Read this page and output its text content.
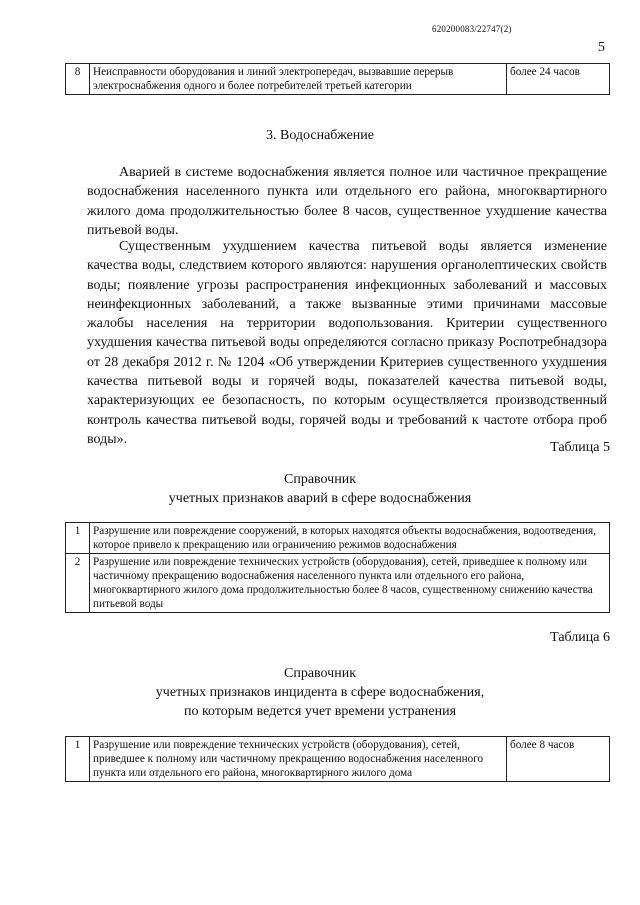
620200083/22747(2)
5
8	Неисправности оборудования и линий электропередач, вызвавшие перерыв электроснабжения одного и более потребителей третьей категории	более 24 часов
3. Водоснабжение

Аварией в системе водоснабжения является полное или частичное прекращение водоснабжения населенного пункта или отдельного его района, многоквартирного жилого дома продолжительностью более 8 часов, существенное ухудшение качества питьевой воды.

Существенным ухудшением качества питьевой воды является изменение качества воды, следствием которого являются: нарушения органолептических свойств воды; появление угрозы распространения инфекционных заболеваний и массовых неинфекционных заболеваний, а также вызванные этими причинами массовые жалобы населения на территории водопользования. Критерии существенного ухудшения качества питьевой воды определяются согласно приказу Роспотребнадзора от 28 декабря 2012 г. № 1204 «Об утверждении Критериев существенного ухудшения качества питьевой воды и горячей воды, показателей качества питьевой воды, характеризующих ее безопасность, по которым осуществляется производственный контроль качества питьевой воды, горячей воды и требований к частоте отбора проб воды».

Таблица 5
Справочник
учетных признаков аварий в сфере водоснабжения
1	Разрушение или повреждение сооружений, в которых находятся объекты водоснабжения, водоотведения, которое привело к прекращению или ограничению режимов водоснабжения
2	Разрушение или повреждение технических устройств (оборудования), сетей, приведшее к полному или частичному прекращению водоснабжения населенного пункта или отдельного его района, многоквартирного жилого дома продолжительностью более 8 часов, существенному снижению качества питьевой воды
Таблица 6
Справочник
учетных признаков инцидента в сфере водоснабжения,
по которым ведется учет времени устранения
1	Разрушение или повреждение технических устройств (оборудования), сетей, приведшее к полному или частичному прекращению водоснабжения населенного пункта или отдельного его района, многоквартирного жилого дома	более 8 часов
